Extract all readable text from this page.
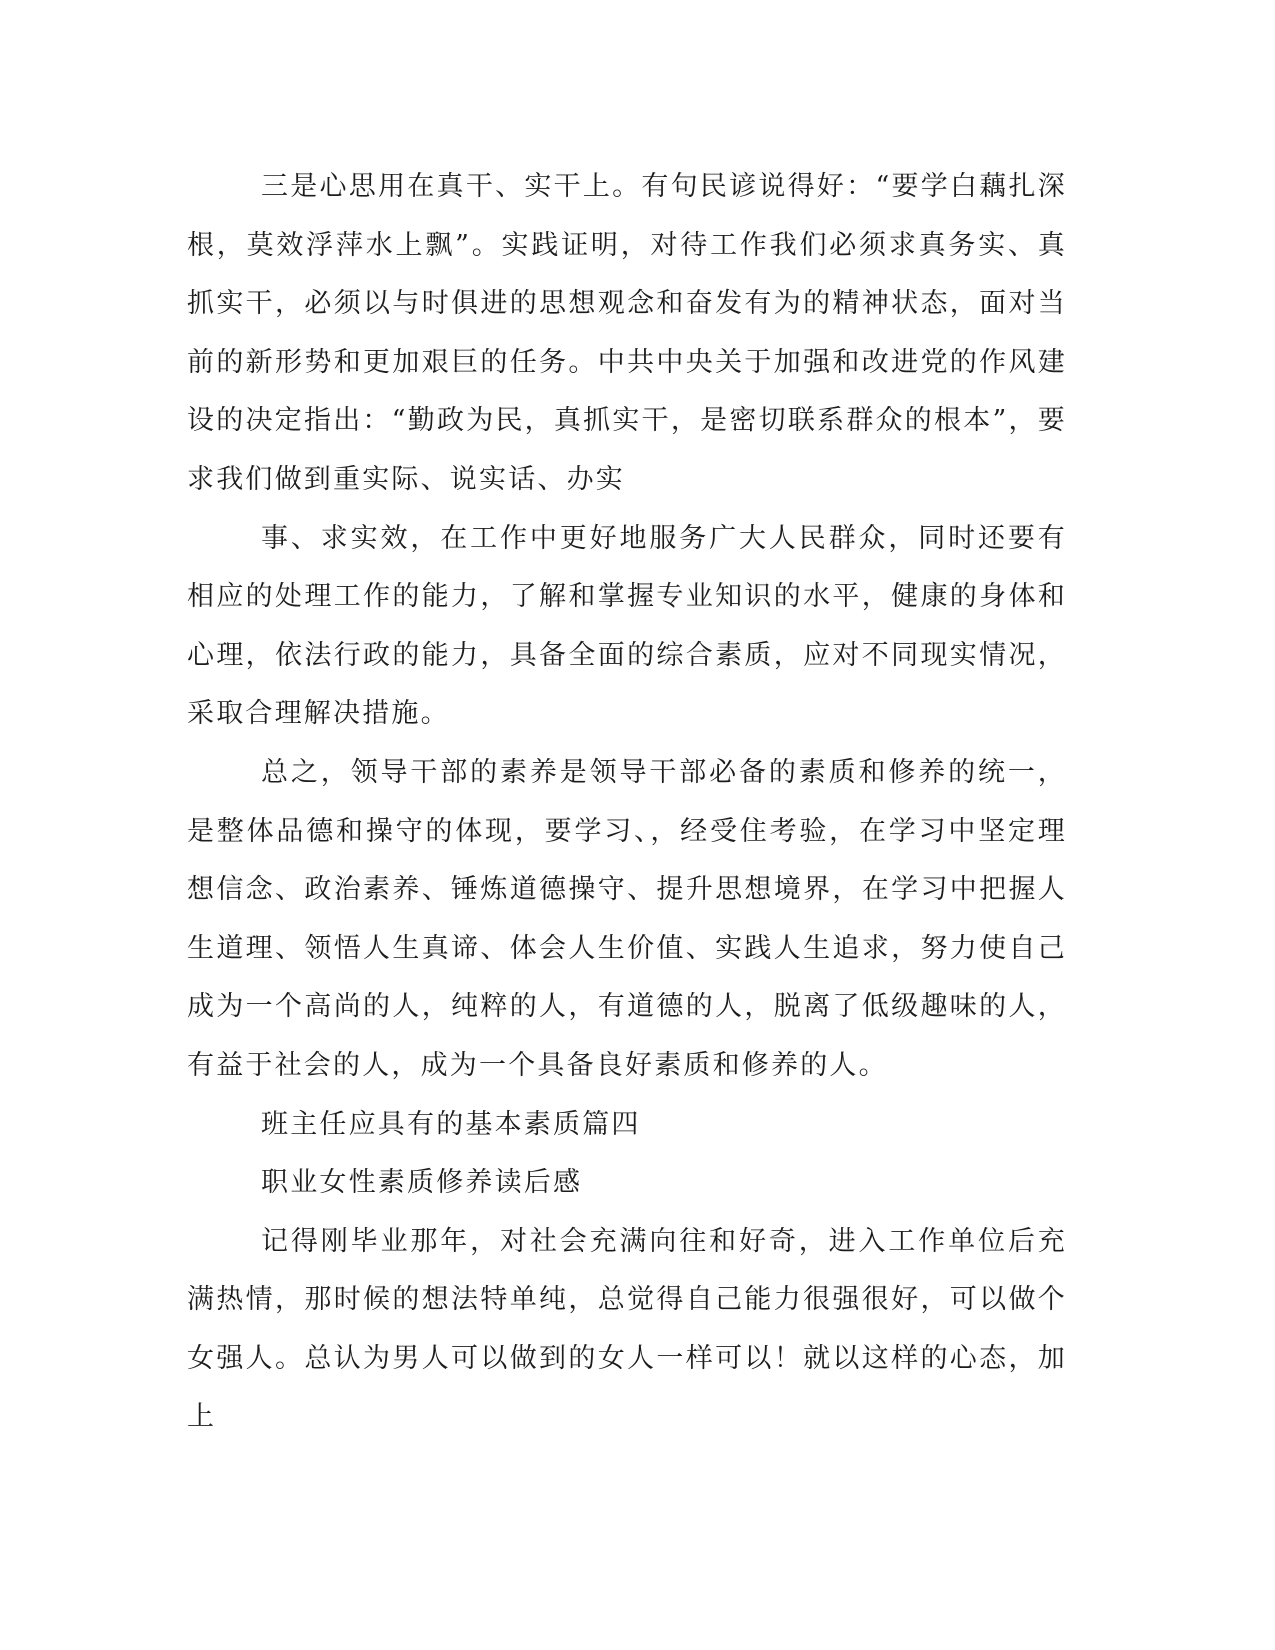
三是心思用在真干、实干上。有句民谚说得好：“要学白藕扎深根，莫效浮萍水上飘”。实践证明，对待工作我们必须求真务实、真抓实干，必须以与时俱进的思想观念和奋发有为的精神状态，面对当前的新形势和更加艰巨的任务。中共中央关于加强和改进党的作风建设的决定指出：“勤政为民，真抓实干，是密切联系群众的根本”，要求我们做到重实际、说实话、办实

事、求实效，在工作中更好地服务广大人民群众，同时还要有相应的处理工作的能力，了解和掌握专业知识的水平，健康的身体和心理，依法行政的能力，具备全面的综合素质，应对不同现实情况，采取合理解决措施。

总之，领导干部的素养是领导干部必备的素质和修养的统一，是整体品德和操守的体现，要学习、，经受住考验，在学习中坚定理想信念、政治素养、锤炼道德操守、提升思想境界，在学习中把握人生道理、领悟人生真谛、体会人生价值、实践人生追求，努力使自己成为一个高尚的人，纯粹的人，有道德的人，脱离了低级趣味的人，有益于社会的人，成为一个具备良好素质和修养的人。

班主任应具有的基本素质篇四

职业女性素质修养读后感

记得刚毕业那年，对社会充满向往和好奇，进入工作单位后充满热情，那时候的想法特单纯，总觉得自己能力很强很好，可以做个女强人。总认为男人可以做到的女人一样可以！就以这样的心态，加上
